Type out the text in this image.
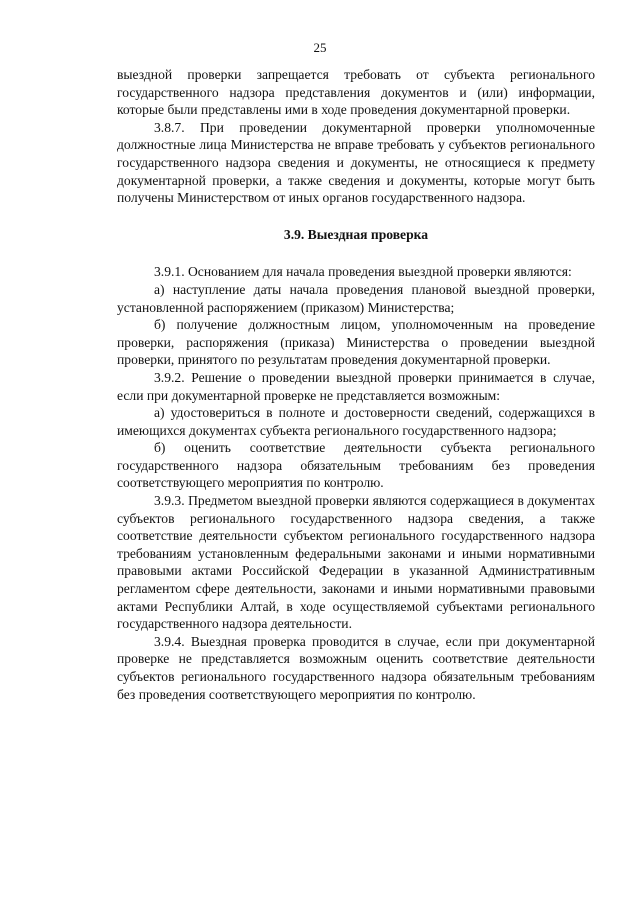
25

выездной проверки запрещается требовать от субъекта регионального государственного надзора представления документов и (или) информации, которые были представлены ими в ходе проведения документарной проверки.

3.8.7. При проведении документарной проверки уполномоченные должностные лица Министерства не вправе требовать у субъектов регионального государственного надзора сведения и документы, не относящиеся к предмету документарной проверки, а также сведения и документы, которые могут быть получены Министерством от иных органов государственного надзора.

3.9. Выездная проверка

3.9.1. Основанием для начала проведения выездной проверки являются:

а) наступление даты начала проведения плановой выездной проверки, установленной распоряжением (приказом) Министерства;

б) получение должностным лицом, уполномоченным на проведение проверки, распоряжения (приказа) Министерства о проведении выездной проверки, принятого по результатам проведения документарной проверки.

3.9.2. Решение о проведении выездной проверки принимается в случае, если при документарной проверке не представляется возможным:

а) удостовериться в полноте и достоверности сведений, содержащихся в имеющихся документах субъекта регионального государственного надзора;

б) оценить соответствие деятельности субъекта регионального государственного надзора обязательным требованиям без проведения соответствующего мероприятия по контролю.

3.9.3. Предметом выездной проверки являются содержащиеся в документах субъектов регионального государственного надзора сведения, а также соответствие деятельности субъектом регионального государственного надзора требованиям установленным федеральными законами и иными нормативными правовыми актами Российской Федерации в указанной Административным регламентом сфере деятельности, законами и иными нормативными правовыми актами Республики Алтай, в ходе осуществляемой субъектами регионального государственного надзора деятельности.

3.9.4. Выездная проверка проводится в случае, если при документарной проверке не представляется возможным оценить соответствие деятельности субъектов регионального государственного надзора обязательным требованиям без проведения соответствующего мероприятия по контролю.
